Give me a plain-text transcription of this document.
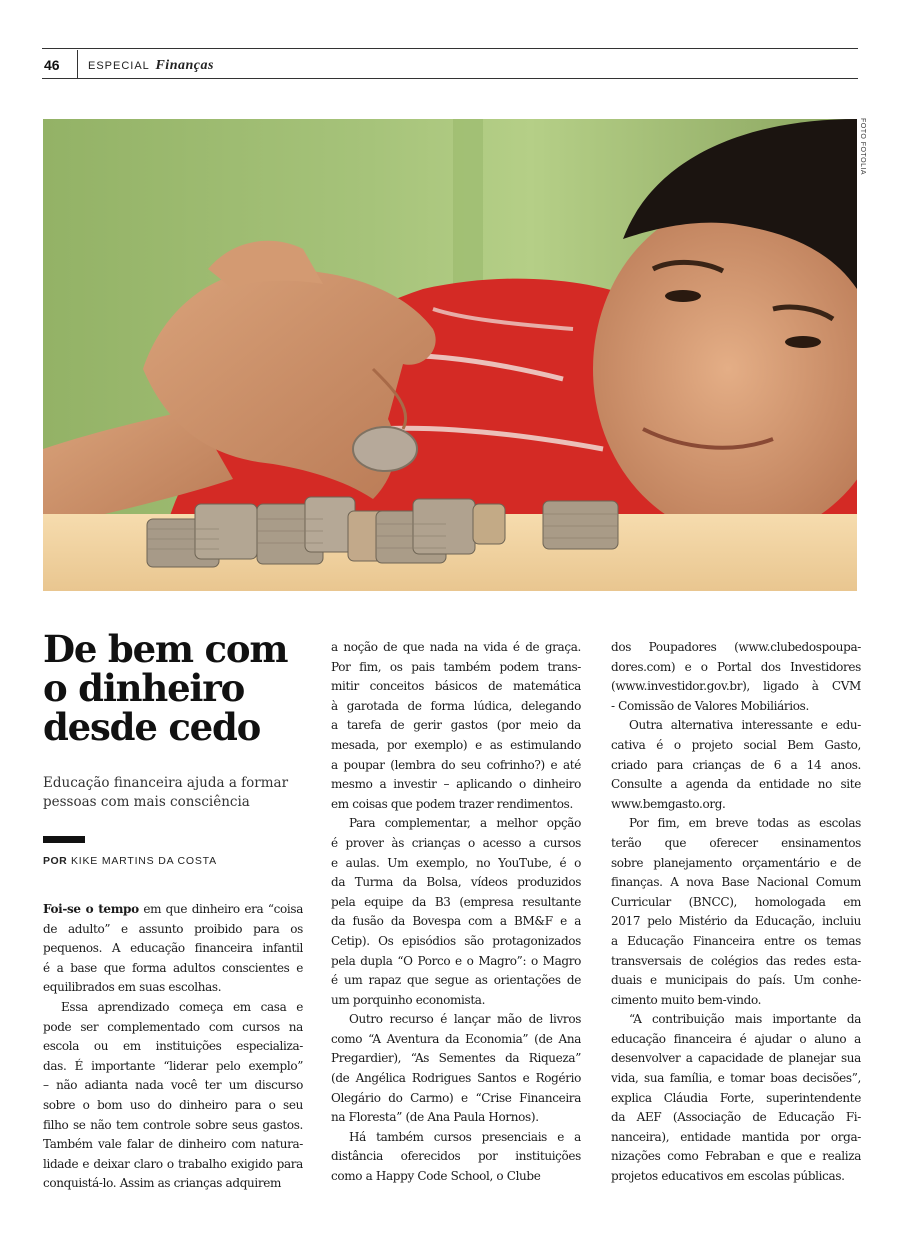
46	ESPECIAL Finanças
FOTO FOTOLIA
De bem com
o dinheiro
desde cedo

Educação financeira ajuda a formar pessoas com mais consciência

POR KIKE MARTINS DA COSTA
Foi-se o tempo em que dinheiro era “coisa
de adulto” e assunto proibido para os
pequenos. A educação financeira infantil
é a base que forma adultos conscientes e
equilibrados em suas escolhas.
Essa aprendizado começa em casa e
pode ser complementado com cursos na
escola ou em instituições especializa-
das. É importante “liderar pelo exemplo”
– não adianta nada você ter um discurso
sobre o bom uso do dinheiro para o seu
filho se não tem controle sobre seus gastos.
Também vale falar de dinheiro com natura-
lidade e deixar claro o trabalho exigido para
conquistá-lo. Assim as crianças adquirem
a noção de que nada na vida é de graça.
Por fim, os pais também podem trans-
mitir conceitos básicos de matemática
à garotada de forma lúdica, delegando
a tarefa de gerir gastos (por meio da
mesada, por exemplo) e as estimulando
a poupar (lembra do seu cofrinho?) e até
mesmo a investir – aplicando o dinheiro
em coisas que podem trazer rendimentos.
Para complementar, a melhor opção
é prover às crianças o acesso a cursos
e aulas. Um exemplo, no YouTube, é o
da Turma da Bolsa, vídeos produzidos
pela equipe da B3 (empresa resultante
da fusão da Bovespa com a BM&F e a
Cetip). Os episódios são protagonizados
pela dupla “O Porco e o Magro”: o Magro
é um rapaz que segue as orientações de
um porquinho economista.
Outro recurso é lançar mão de livros
como “A Aventura da Economia” (de Ana
Pregardier), “As Sementes da Riqueza”
(de Angélica Rodrigues Santos e Rogério
Olegário do Carmo) e “Crise Financeira
na Floresta” (de Ana Paula Hornos).
Há também cursos presenciais e a
distância oferecidos por instituições
como a Happy Code School, o Clube
dos Poupadores (www.clubedospoupa-
dores.com) e o Portal dos Investidores
(www.investidor.gov.br), ligado à CVM
- Comissão de Valores Mobiliários.
Outra alternativa interessante e edu-
cativa é o projeto social Bem Gasto,
criado para crianças de 6 a 14 anos.
Consulte a agenda da entidade no site
www.bemgasto.org.
Por fim, em breve todas as escolas
terão que oferecer ensinamentos
sobre planejamento orçamentário e de
finanças. A nova Base Nacional Comum
Curricular (BNCC), homologada em
2017 pelo Mistério da Educação, incluiu
a Educação Financeira entre os temas
transversais de colégios das redes esta-
duais e municipais do país. Um conhe-
cimento muito bem-vindo.
“A contribuição mais importante da
educação financeira é ajudar o aluno a
desenvolver a capacidade de planejar sua
vida, sua família, e tomar boas decisões”,
explica Cláudia Forte, superintendente
da AEF (Associação de Educação Fi-
nanceira), entidade mantida por orga-
nizações como Febraban e que e realiza
projetos educativos em escolas públicas.
